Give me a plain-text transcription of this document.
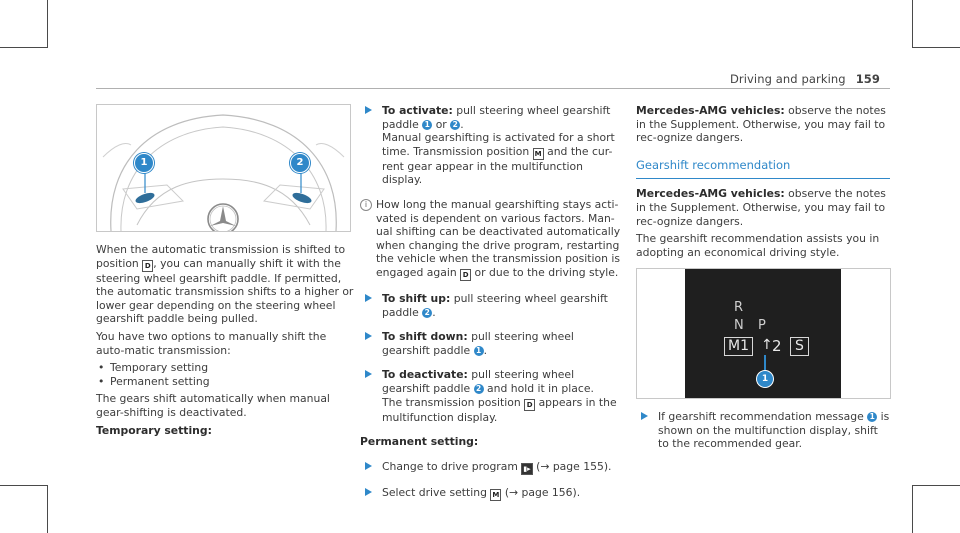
Driving and parking 159
1	2

When the automatic transmission is shifted to position D , you can manually shift it with the steering wheel gearshift paddle. If permitted, the automatic transmission shifts to a higher or lower gear depending on the steering wheel gearshift paddle being pulled.

You have two options to manually shift the auto-matic transmission:

• Temporary setting

• Permanent setting

The gears shift automatically when manual gear-shifting is deactivated.

Temporary setting:

To activate: pull steering wheel gearshift paddle 1 or 2 .
Manual gearshifting is activated for a short time. Transmission position M and the cur-rent gear appear in the multifunction display.
i How long the manual gearshifting stays acti-vated is dependent on various factors. Man-ual shifting can be deactivated automatically when changing the drive program, restarting the vehicle when the transmission position is engaged again D or due to the driving style.
To shift up: pull steering wheel gearshift paddle 2 .
To shift down: pull steering wheel gearshift paddle 1 .
To deactivate: pull steering wheel gearshift paddle 2 and hold it in place.
The transmission position D appears in the multifunction display.

Permanent setting:

Change to drive program ▮▸ (→ page 155).
Select drive setting M (→ page 156).

Mercedes-AMG vehicles: observe the notes in the Supplement. Otherwise, you may fail to rec-ognize dangers.

Gearshift recommendation

Mercedes-AMG vehicles: observe the notes in the Supplement. Otherwise, you may fail to rec-ognize dangers.

The gearshift recommendation assists you in adopting an economical driving style.

R
N P
M1 ↑ 2 S
1
If gearshift recommendation message 1 is shown on the multifunction display, shift to the recommended gear.
